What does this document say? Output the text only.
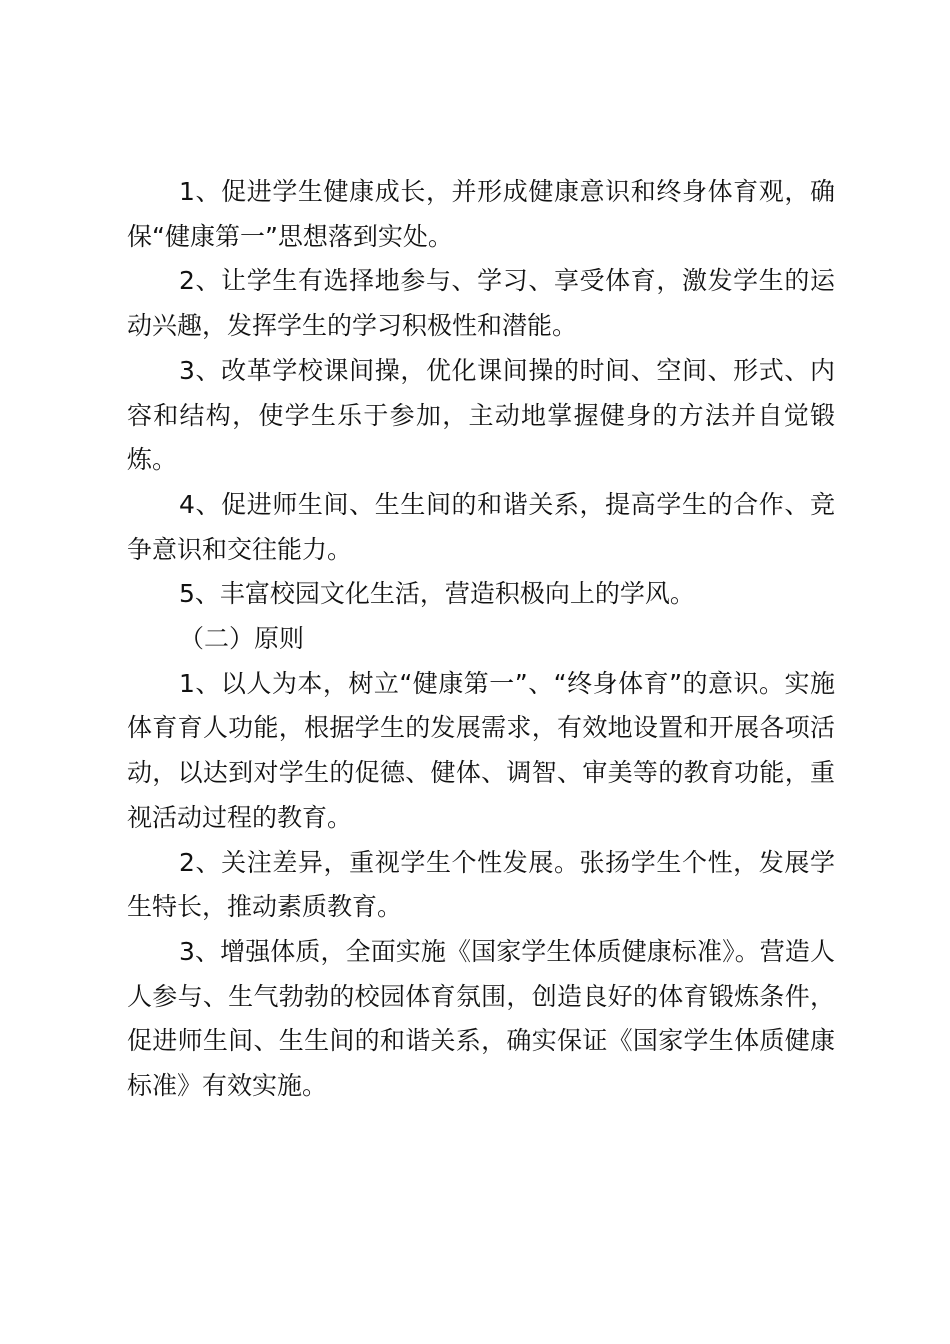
1、促进学生健康成长，并形成健康意识和终身体育观，确保“健康第一”思想落到实处。

2、让学生有选择地参与、学习、享受体育，激发学生的运动兴趣，发挥学生的学习积极性和潜能。

3、改革学校课间操，优化课间操的时间、空间、形式、内容和结构，使学生乐于参加，主动地掌握健身的方法并自觉锻炼。

4、促进师生间、生生间的和谐关系，提高学生的合作、竞争意识和交往能力。

5、丰富校园文化生活，营造积极向上的学风。

（二）原则

1、以人为本，树立“健康第一”、“终身体育”的意识。实施体育育人功能，根据学生的发展需求，有效地设置和开展各项活动，以达到对学生的促德、健体、调智、审美等的教育功能，重视活动过程的教育。

2、关注差异，重视学生个性发展。张扬学生个性，发展学生特长，推动素质教育。

3、增强体质，全面实施《国家学生体质健康标准》。营造人人参与、生气勃勃的校园体育氛围，创造良好的体育锻炼条件，促进师生间、生生间的和谐关系，确实保证《国家学生体质健康标准》有效实施。
